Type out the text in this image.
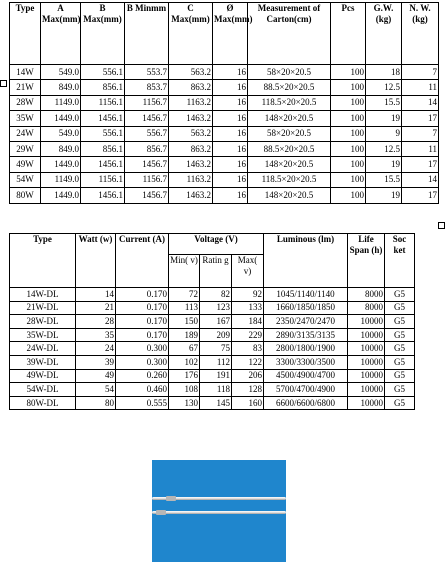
Type	A Max(mm)	B Max(mm)	B Minmm	C Max(mm)	Ø Max(mm)	Measurement of Carton(cm)	Pcs	G.W. (kg)	N. W. (kg)
14W	549.0	556.1	553.7	563.2	16	58×20×20.5	100	18	7
21W	849.0	856.1	853.7	863.2	16	88.5×20×20.5	100	12.5	11
28W	1149.0	1156.1	1156.7	1163.2	16	118.5×20×20.5	100	15.5	14
35W	1449.0	1456.1	1456.7	1463.2	16	148×20×20.5	100	19	17
24W	549.0	556.1	556.7	563.2	16	58×20×20.5	100	9	7
29W	849.0	856.1	856.7	863.2	16	88.5×20×20.5	100	12.5	11
49W	1449.0	1456.1	1456.7	1463.2	16	148×20×20.5	100	19	17
54W	1149.0	1156.1	1156.7	1163.2	16	118.5×20×20.5	100	15.5	14
80W	1449.0	1456.1	1456.7	1463.2	16	148×20×20.5	100	19	17
Type	Watt (w)	Current (A)	Voltage (V)			Luminous (lm)	Life Span (h)	Soc ket	
			Min( v)	Ratin g	Max( v)				
14W-DL	14	0.170	72	82	92	1045/1140/1140	8000	G5	
21W-DL	21	0.170	113	123	133	1660/1850/1850	8000	G5	
28W-DL	28	0.170	150	167	184	2350/2470/2470	10000	G5	
35W-DL	35	0.170	189	209	229	2890/3135/3135	10000	G5	
24W-DL	24	0.300	67	75	83	2800/1800/1900	10000	G5	
39W-DL	39	0.300	102	112	122	3300/3300/3500	10000	G5	
49W-DL	49	0.260	176	191	206	4500/4900/4700	10000	G5	
54W-DL	54	0.460	108	118	128	5700/4700/4900	10000	G5	
80W-DL	80	0.555	130	145	160	6600/6600/6800	10000	G5	
